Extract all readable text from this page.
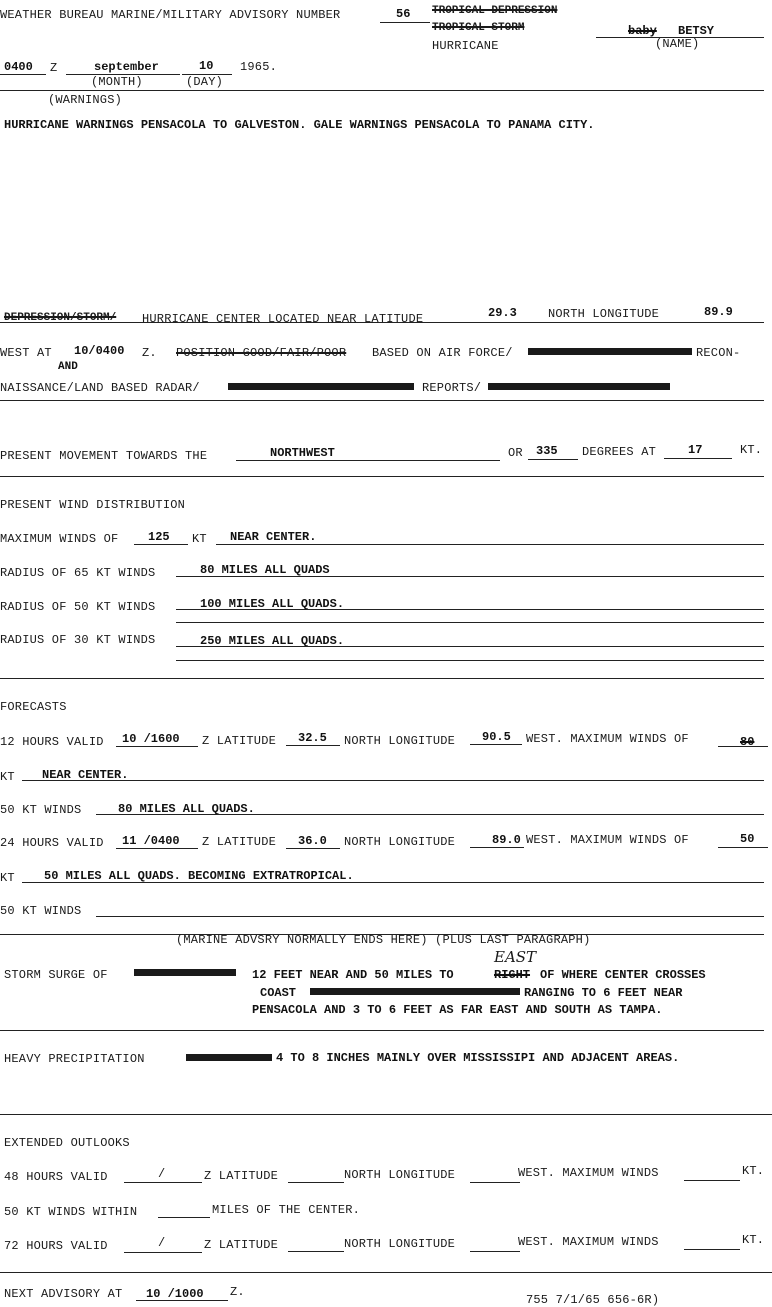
WEATHER BUREAU MARINE/MILITARY ADVISORY NUMBER	56 TROPICAL DEPRESSION
TROPICAL STORM
HURRICANE
baby BETSY
(NAME)
0400 Z	september
(MONTH)
10
(DAY)
1965.
(WARNINGS)
HURRICANE WARNINGS PENSACOLA TO GALVESTON. GALE WARNINGS PENSACOLA TO PANAMA CITY.
DEPRESSION/STORM/ HURRICANE CENTER LOCATED NEAR LATITUDE	29.3	NORTH LONGITUDE	89.9
WEST AT 10/0400 Z. POSITION GOOD/FAIR/POOR BASED ON AIR FORCE/	RECON-
AND
NAISSANCE/LAND BASED RADAR/	REPORTS/
PRESENT MOVEMENT TOWARDS THE	NORTHWEST	OR 335 DEGREES AT	17	KT.
PRESENT WIND DISTRIBUTION
MAXIMUM WINDS OF 125 KT NEAR CENTER.
RADIUS OF 65 KT WINDS	80 MILES ALL QUADS
RADIUS OF 50 KT WINDS	100 MILES ALL QUADS.
RADIUS OF 30 KT WINDS	250 MILES ALL QUADS.
FORECASTS
12 HOURS VALID 10 /1600 Z LATITUDE 32.5 NORTH LONGITUDE 90.5 WEST. MAXIMUM WINDS OF	80
KT NEAR CENTER.
50 KT WINDS	80 MILES ALL QUADS.
24 HOURS VALID 11 /0400 Z LATITUDE 36.0 NORTH LONGITUDE	89.0 WEST. MAXIMUM WINDS OF	50
KT 50 MILES ALL QUADS. BECOMING EXTRATROPICAL.
50 KT WINDS
(MARINE ADVSRY NORMALLY ENDS HERE) (PLUS LAST PARAGRAPH)
STORM SURGE OF	12 FEET NEAR AND 50 MILES TO	RIGHT
EAST
OF WHERE CENTER CROSSES
COAST	RANGING TO 6 FEET NEAR
PENSACOLA AND 3 TO 6 FEET AS FAR EAST AND SOUTH AS TAMPA.
HEAVY PRECIPITATION	4 TO 8 INCHES MAINLY OVER MISSISSIPI AND ADJACENT AREAS.
EXTENDED OUTLOOKS
48 HOURS VALID	/	Z LATITUDE	NORTH LONGITUDE	WEST. MAXIMUM WINDS	KT.
50 KT WINDS WITHIN	MILES OF THE CENTER.
72 HOURS VALID	/	Z LATITUDE	NORTH LONGITUDE	WEST. MAXIMUM WINDS	KT.
NEXT ADVISORY AT 10 /1000 Z.
755 7/1/65 656-6R)
